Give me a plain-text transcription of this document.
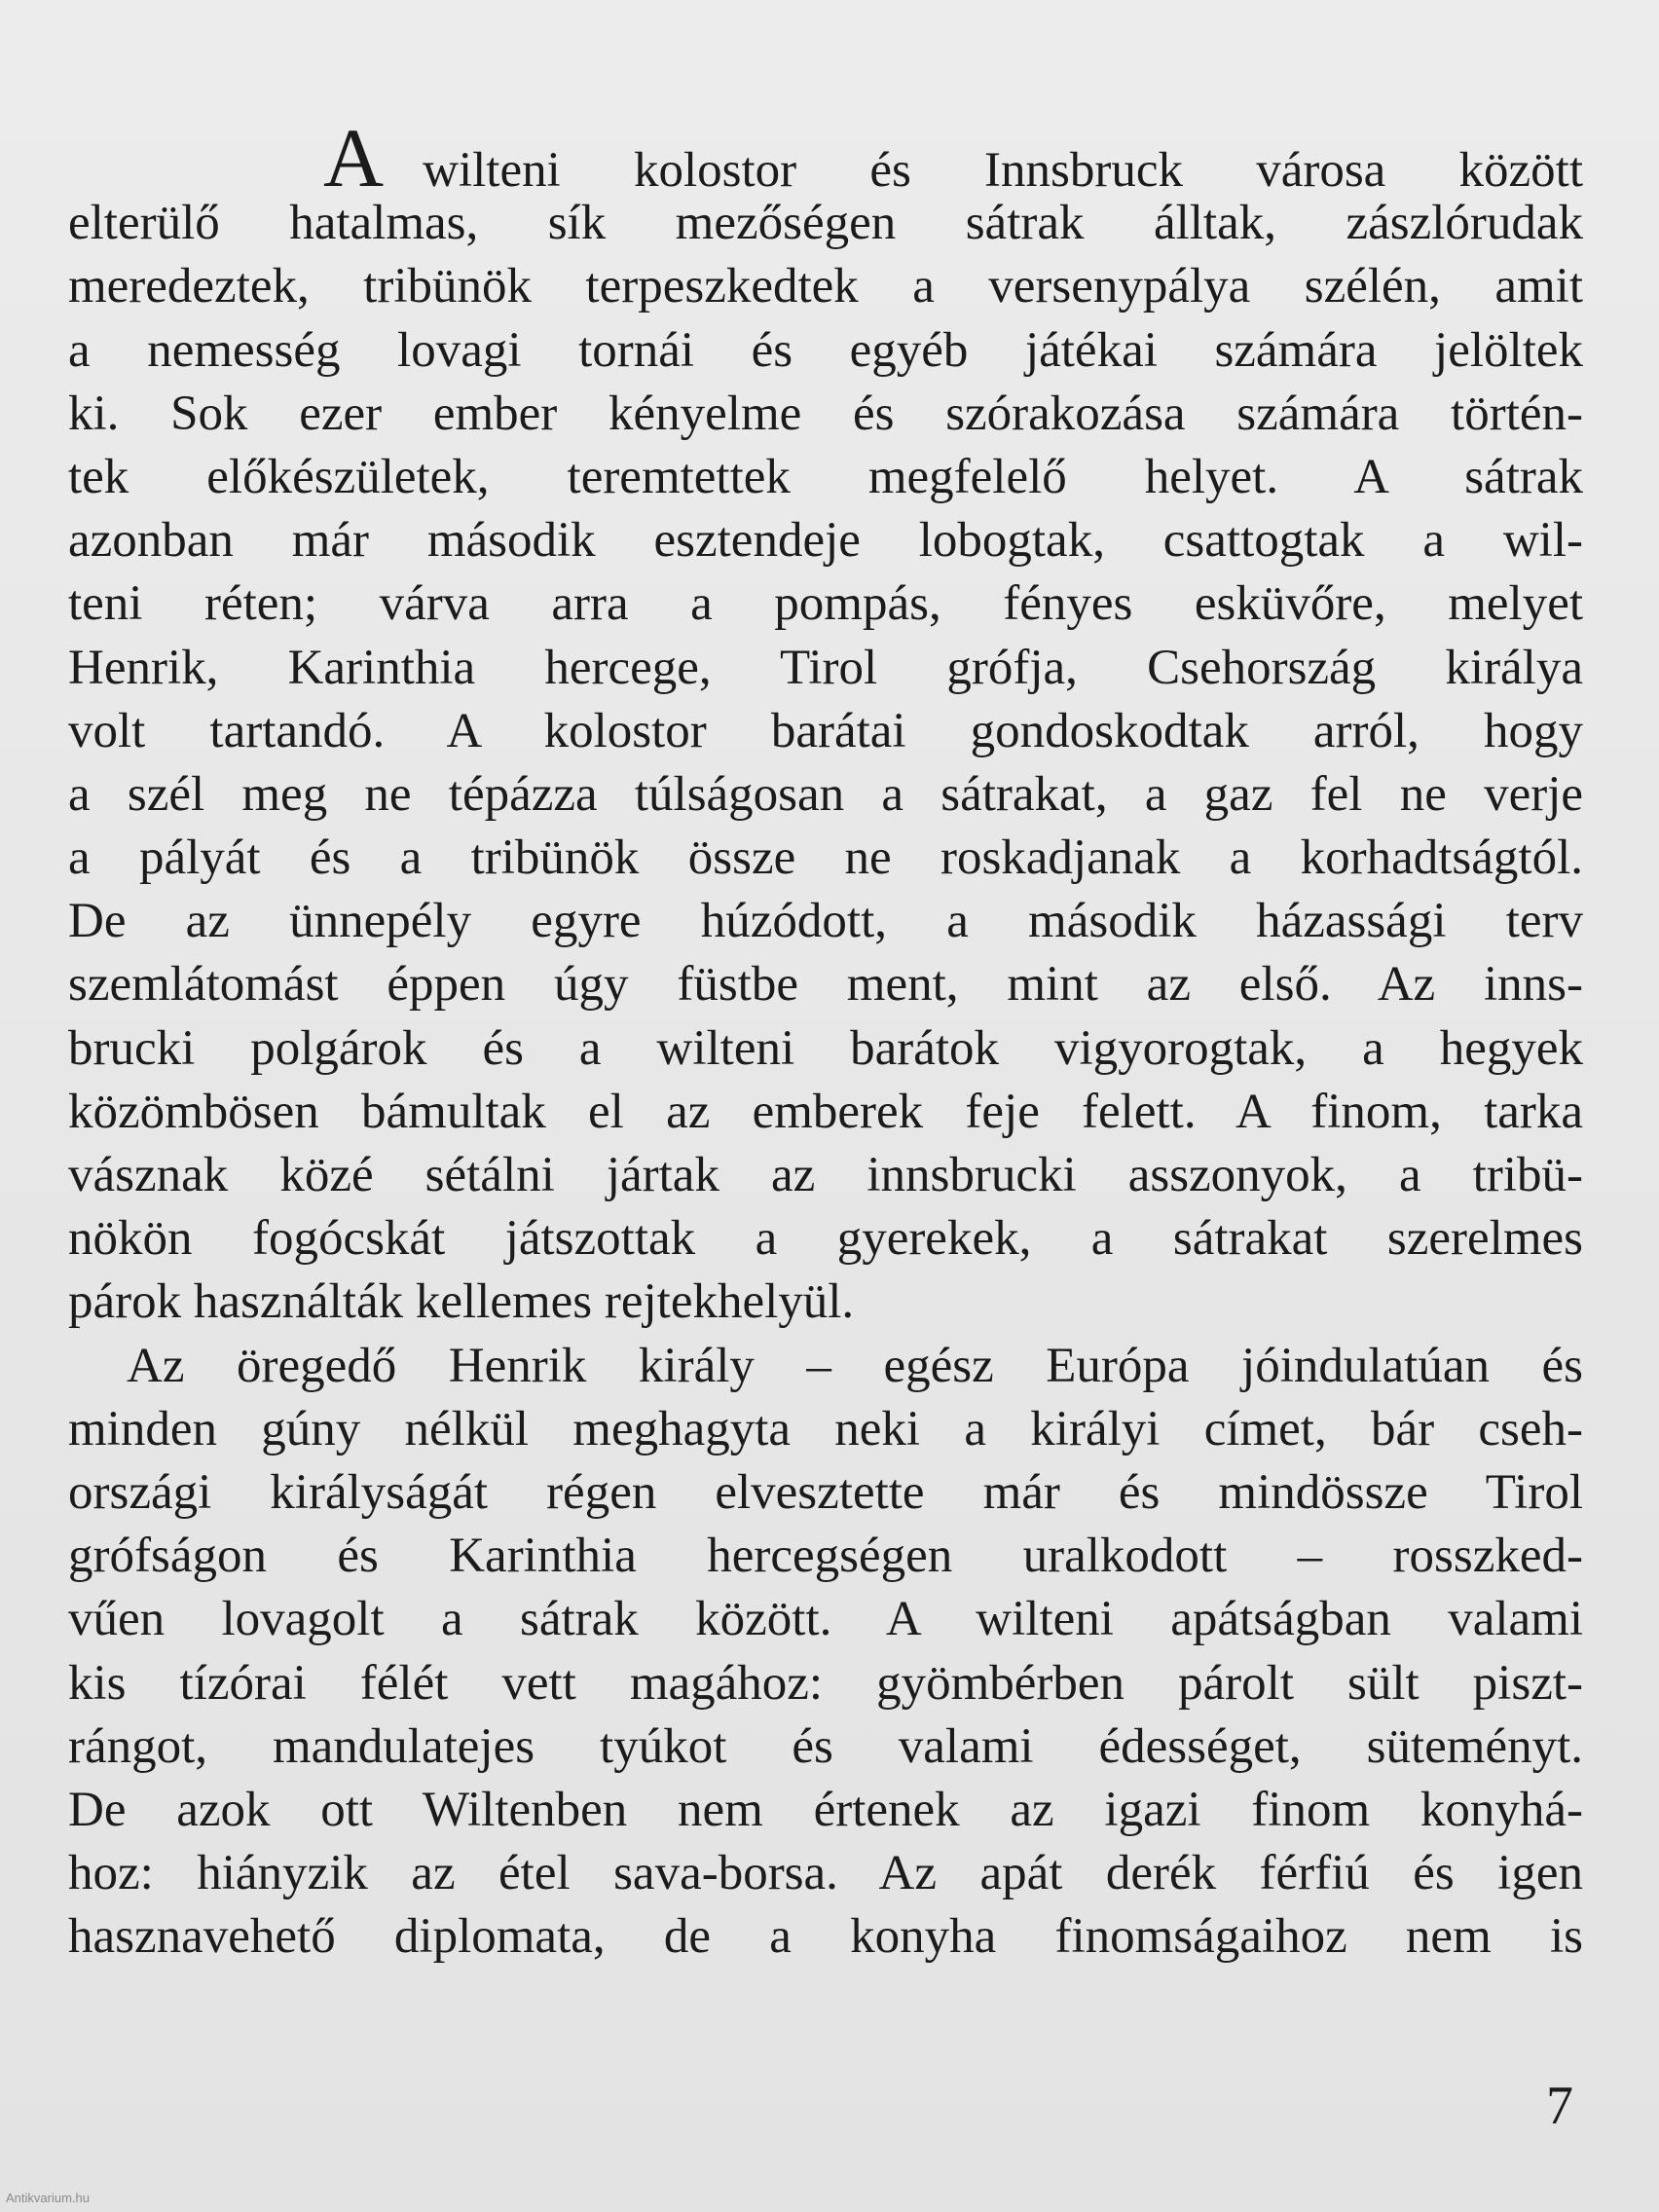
Awilteni kolostor és Innsbruck városa között
elterülő hatalmas, sík mezőségen sátrak álltak, zászlórudak
meredeztek, tribünök terpeszkedtek a versenypálya szélén, amit
a nemesség lovagi tornái és egyéb játékai számára jelöltek
ki. Sok ezer ember kényelme és szórakozása számára történ-
tek előkészületek, teremtettek megfelelő helyet. A sátrak
azonban már második esztendeje lobogtak, csattogtak a wil-
teni réten; várva arra a pompás, fényes esküvőre, melyet
Henrik, Karinthia hercege, Tirol grófja, Csehország királya
volt tartandó. A kolostor barátai gondoskodtak arról, hogy
a szél meg ne tépázza túlságosan a sátrakat, a gaz fel ne verje
a pályát és a tribünök össze ne roskadjanak a korhadtságtól.
De az ünnepély egyre húzódott, a második házassági terv
szemlátomást éppen úgy füstbe ment, mint az első. Az inns-
brucki polgárok és a wilteni barátok vigyorogtak, a hegyek
közömbösen bámultak el az emberek feje felett. A finom, tarka
vásznak közé sétálni jártak az innsbrucki asszonyok, a tribü-
nökön fogócskát játszottak a gyerekek, a sátrakat szerelmes
párok használták kellemes rejtekhelyül.
Az öregedő Henrik király – egész Európa jóindulatúan és
minden gúny nélkül meghagyta neki a királyi címet, bár cseh-
országi királyságát régen elvesztette már és mindössze Tirol
grófságon és Karinthia hercegségen uralkodott – rosszked-
vűen lovagolt a sátrak között. A wilteni apátságban valami
kis tízórai félét vett magához: gyömbérben párolt sült piszt-
rángot, mandulatejes tyúkot és valami édességet, süteményt.
De azok ott Wiltenben nem értenek az igazi finom konyhá-
hoz: hiányzik az étel sava-borsa. Az apát derék férfiú és igen
hasznavehető diplomata, de a konyha finomságaihoz nem is
7
Antikvarium.hu
